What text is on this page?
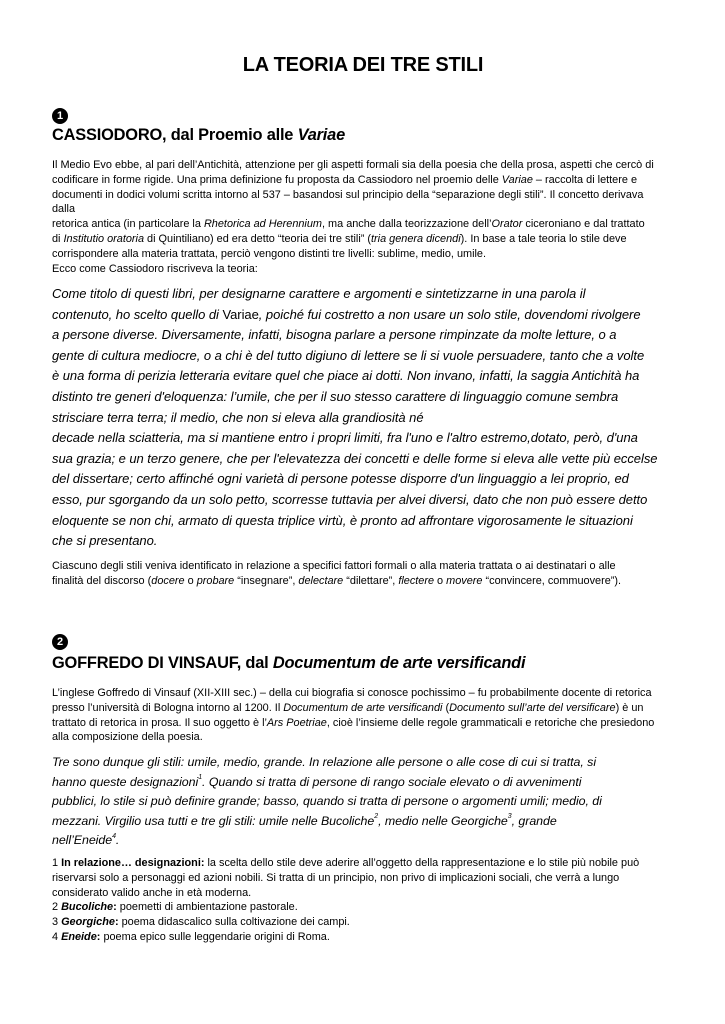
LA TEORIA DEI TRE STILI
1
CASSIODORO, dal Proemio alle Variae

Il Medio Evo ebbe, al pari dell’Antichità, attenzione per gli aspetti formali sia della poesia che della prosa, aspetti che cercò di

codificare in forme rigide. Una prima definizione fu proposta da Cassiodoro nel proemio delle Variae – raccolta di lettere e

documenti in dodici volumi scritta intorno al 537 – basandosi sul principio della “separazione degli stili”. Il concetto derivava

dalla

retorica antica (in particolare la Rhetorica ad Herennium, ma anche dalla teorizzazione dell’Orator ciceroniano e dal trattato

di Institutio oratoria di Quintiliano) ed era detto “teoria dei tre stili” (tria genera dicendi). In base a tale teoria lo stile deve

corrispondere alla materia trattata, perciò vengono distinti tre livelli: sublime, medio, umile.

Ecco come Cassiodoro riscriveva la teoria:

Come titolo di questi libri, per designarne carattere e argomenti e sintetizzarne in una parola il

contenuto, ho scelto quello di Variae, poiché fui costretto a non usare un solo stile, dovendomi rivolgere

a persone diverse. Diversamente, infatti, bisogna parlare a persone rimpinzate da molte letture, o a

gente di cultura mediocre, o a chi è del tutto digiuno di lettere se li si vuole persuadere, tanto che a volte

è una forma di perizia letteraria evitare quel che piace ai dotti. Non invano, infatti, la saggia Antichità ha

distinto tre generi d'eloquenza: l’umile, che per il suo stesso carattere di linguaggio comune sembra

strisciare terra terra; il medio, che non si eleva alla grandiosità né

decade nella sciatteria, ma si mantiene entro i propri limiti, fra l'uno e l'altro estremo,dotato, però, d'una

sua grazia; e un terzo genere, che per l'elevatezza dei concetti e delle forme si eleva alle vette più eccelse

del dissertare; certo affinché ogni varietà di persone potesse disporre d'un linguaggio a lei proprio, ed

esso, pur sgorgando da un solo petto, scorresse tuttavia per alvei diversi, dato che non può essere detto

eloquente se non chi, armato di questa triplice virtù, è pronto ad affrontare vigorosamente le situazioni

che si presentano.

Ciascuno degli stili veniva identificato in relazione a specifici fattori formali o alla materia trattata o ai destinatari o alle

finalità del discorso (docere o probare “insegnare”, delectare “dilettare”, flectere o movere “convincere, commuovere”).

2
GOFFREDO DI VINSAUF, dal Documentum de arte versificandi

L’inglese Goffredo di Vinsauf (XII-XIII sec.) – della cui biografia si conosce pochissimo – fu probabilmente docente di retorica

presso l’università di Bologna intorno al 1200. Il Documentum de arte versificandi (Documento sull’arte del versificare) è un

trattato di retorica in prosa. Il suo oggetto è l’Ars Poetriae, cioè l’insieme delle regole grammaticali e retoriche che presiedono

alla composizione della poesia.

Tre sono dunque gli stili: umile, medio, grande. In relazione alle persone o alle cose di cui si tratta, si

hanno queste designazioni$^1$. Quando si tratta di persone di rango sociale elevato o di avvenimenti

pubblici, lo stile si può definire grande; basso, quando si tratta di persone o argomenti umili; medio, di

mezzani. Virgilio usa tutti e tre gli stili: umile nelle Bucoliche$^2$, medio nelle Georgiche$^3$, grande

nell’Eneide$^4$.

1 In relazione… designazioni: la scelta dello stile deve aderire all’oggetto della rappresentazione e lo stile più nobile può

riservarsi solo a personaggi ed azioni nobili. Si tratta di un principio, non privo di implicazioni sociali, che verrà a lungo

considerato valido anche in età moderna.

2 Bucoliche: poemetti di ambientazione pastorale.

3 Georgiche: poema didascalico sulla coltivazione dei campi.

4 Eneide: poema epico sulle leggendarie origini di Roma.
